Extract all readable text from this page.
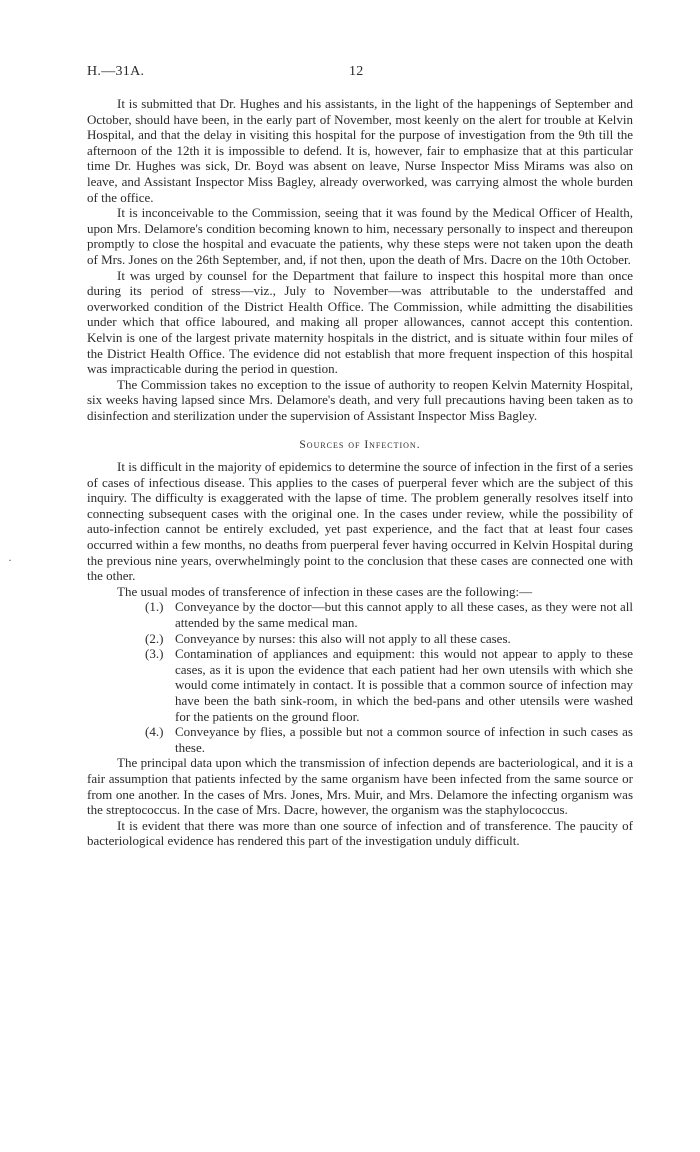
H.—31A.	12

It is submitted that Dr. Hughes and his assistants, in the light of the happenings of September and October, should have been, in the early part of November, most keenly on the alert for trouble at Kelvin Hospital, and that the delay in visiting this hospital for the purpose of investigation from the 9th till the afternoon of the 12th it is impossible to defend. It is, however, fair to emphasize that at this particular time Dr. Hughes was sick, Dr. Boyd was absent on leave, Nurse Inspector Miss Mirams was also on leave, and Assistant Inspector Miss Bagley, already overworked, was carrying almost the whole burden of the office.

It is inconceivable to the Commission, seeing that it was found by the Medical Officer of Health, upon Mrs. Delamore's condition becoming known to him, necessary personally to inspect and thereupon promptly to close the hospital and evacuate the patients, why these steps were not taken upon the death of Mrs. Jones on the 26th September, and, if not then, upon the death of Mrs. Dacre on the 10th October.

It was urged by counsel for the Department that failure to inspect this hospital more than once during its period of stress—viz., July to November—was attributable to the understaffed and overworked condition of the District Health Office. The Commission, while admitting the disabilities under which that office laboured, and making all proper allowances, cannot accept this contention. Kelvin is one of the largest private maternity hospitals in the district, and is situate within four miles of the District Health Office. The evidence did not establish that more frequent inspection of this hospital was impracticable during the period in question.

The Commission takes no exception to the issue of authority to reopen Kelvin Maternity Hospital, six weeks having lapsed since Mrs. Delamore's death, and very full precautions having been taken as to disinfection and sterilization under the supervision of Assistant Inspector Miss Bagley.

Sources of Infection.

It is difficult in the majority of epidemics to determine the source of infection in the first of a series of cases of infectious disease. This applies to the cases of puerperal fever which are the subject of this inquiry. The difficulty is exaggerated with the lapse of time. The problem generally resolves itself into connecting subsequent cases with the original one. In the cases under review, while the possibility of auto-infection cannot be entirely excluded, yet past experience, and the fact that at least four cases occurred within a few months, no deaths from puerperal fever having occurred in Kelvin Hospital during the previous nine years, overwhelmingly point to the conclusion that these cases are connected one with the other.

The usual modes of transference of infection in these cases are the following:—

(1.) Conveyance by the doctor—but this cannot apply to all these cases, as they were not all attended by the same medical man.
(2.) Conveyance by nurses: this also will not apply to all these cases.
(3.) Contamination of appliances and equipment: this would not appear to apply to these cases, as it is upon the evidence that each patient had her own utensils with which she would come intimately in contact. It is possible that a common source of infection may have been the bath sink-room, in which the bed-pans and other utensils were washed for the patients on the ground floor.
(4.) Conveyance by flies, a possible but not a common source of infection in such cases as these.

The principal data upon which the transmission of infection depends are bacteriological, and it is a fair assumption that patients infected by the same organism have been infected from the same source or from one another. In the cases of Mrs. Jones, Mrs. Muir, and Mrs. Delamore the infecting organism was the streptococcus. In the case of Mrs. Dacre, however, the organism was the staphylococcus.

It is evident that there was more than one source of infection and of transference. The paucity of bacteriological evidence has rendered this part of the investigation unduly difficult.

·
